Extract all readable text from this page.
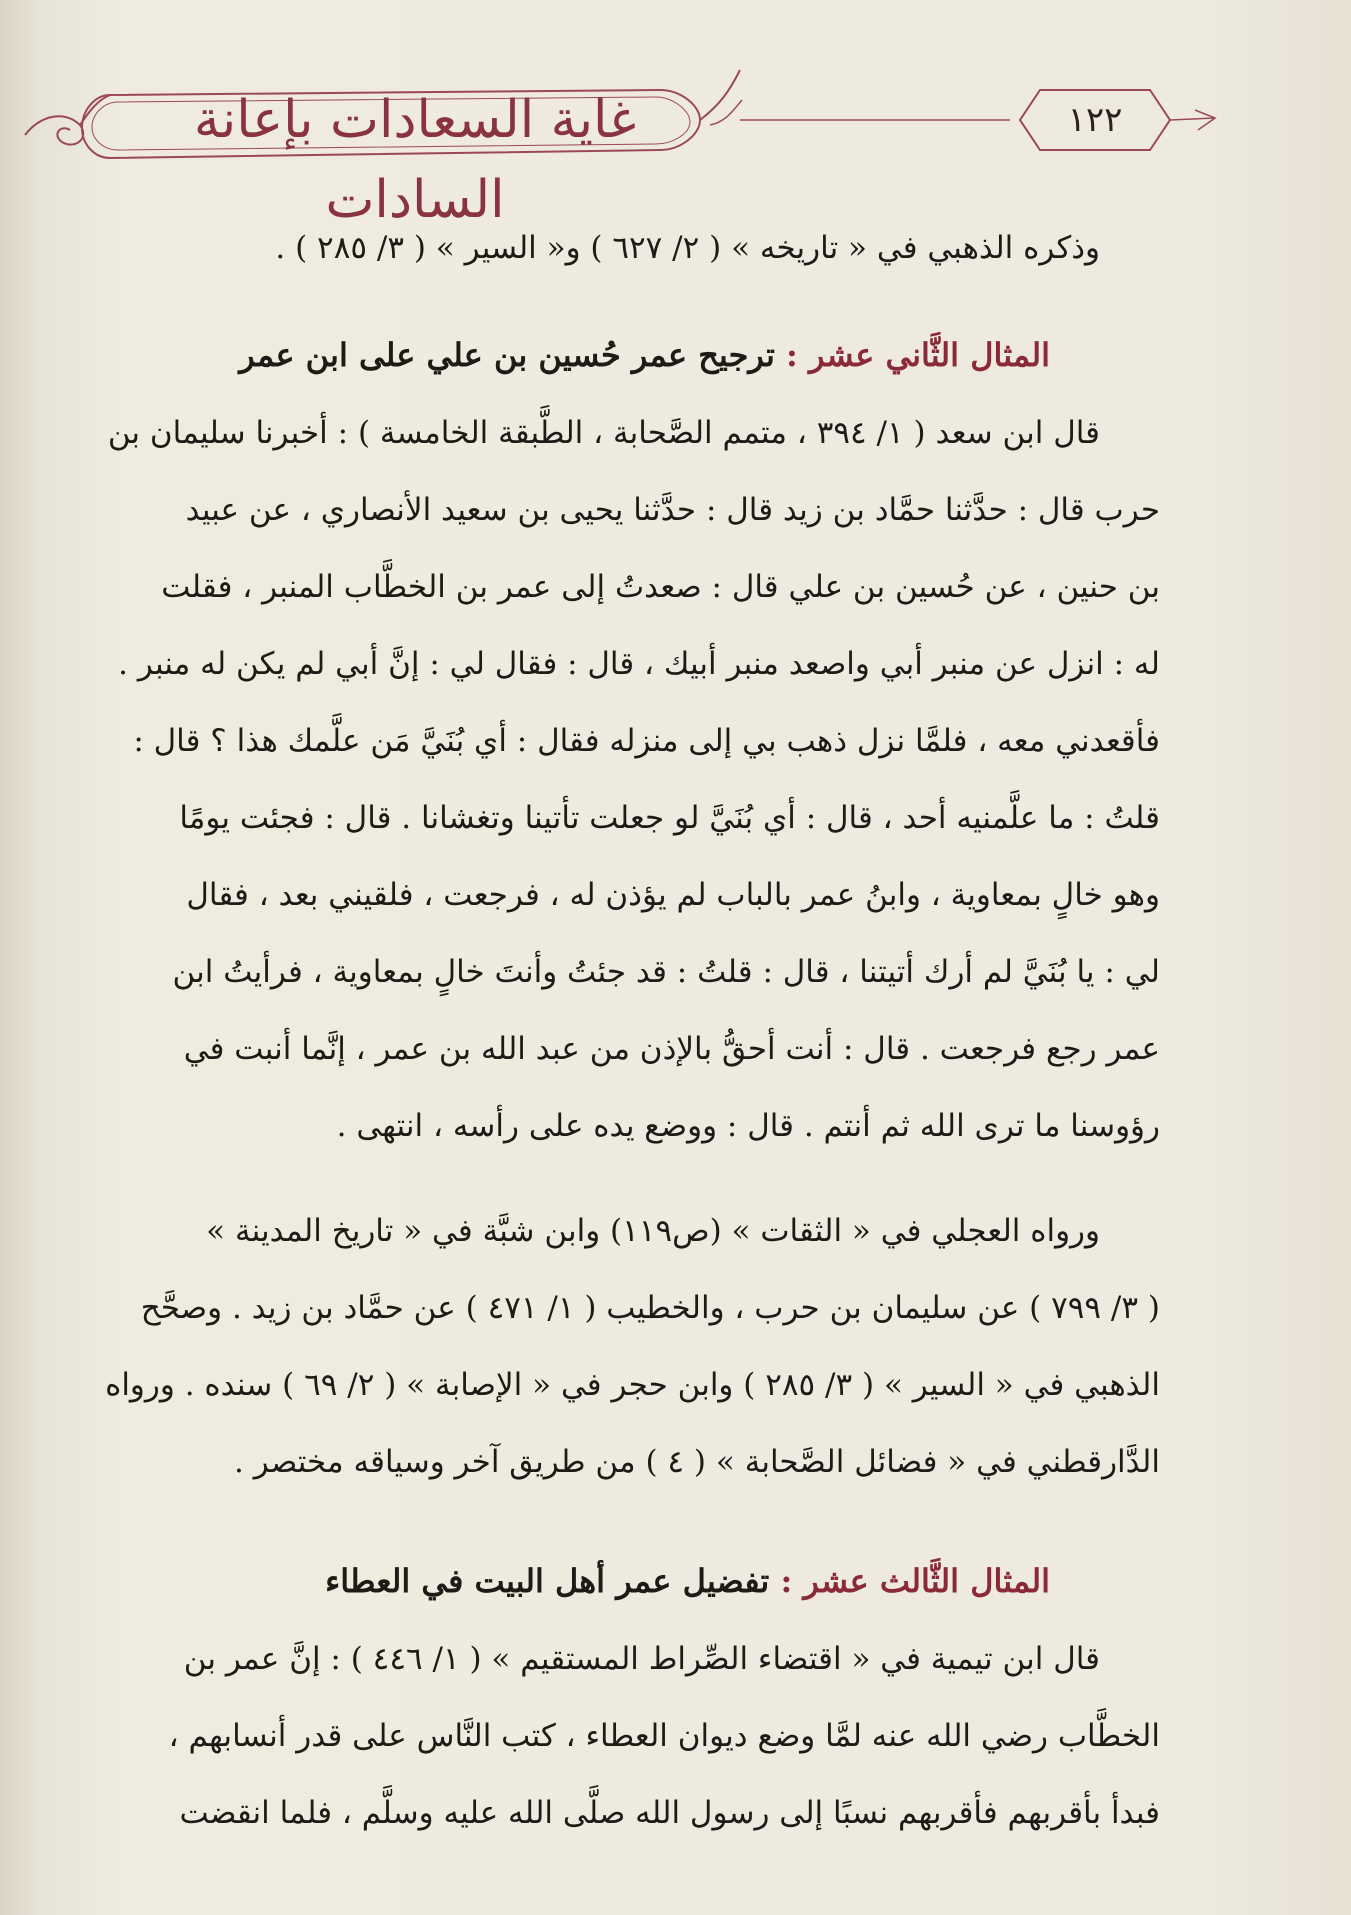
غاية السعادات بإعانة السادات
١٢٢
وذكره الذهبي في « تاريخه » ( ٢/ ٦٢٧ ) و« السير » ( ٣/ ٢٨٥ ) .
المثال الثَّاني عشر : ترجيح عمر حُسين بن علي على ابن عمر
قال ابن سعد ( ١/ ٣٩٤ ، متمم الصَّحابة ، الطَّبقة الخامسة ) : أخبرنا سليمان بن
حرب قال : حدَّثنا حمَّاد بن زيد قال : حدَّثنا يحيى بن سعيد الأنصاري ، عن عبيد
بن حنين ، عن حُسين بن علي قال : صعدتُ إلى عمر بن الخطَّاب المنبر ، فقلت
له : انزل عن منبر أبي واصعد منبر أبيك ، قال : فقال لي : إنَّ أبي لم يكن له منبر .
فأقعدني معه ، فلمَّا نزل ذهب بي إلى منزله فقال : أي بُنَيَّ مَن علَّمك هذا ؟ قال :
قلتُ : ما علَّمنيه أحد ، قال : أي بُنَيَّ لو جعلت تأتينا وتغشانا . قال : فجئت يومًا
وهو خالٍ بمعاوية ، وابنُ عمر بالباب لم يؤذن له ، فرجعت ، فلقيني بعد ، فقال
لي : يا بُنَيَّ لم أرك أتيتنا ، قال : قلتُ : قد جئتُ وأنتَ خالٍ بمعاوية ، فرأيتُ ابن
عمر رجع فرجعت . قال : أنت أحقُّ بالإذن من عبد الله بن عمر ، إنَّما أنبت في
رؤوسنا ما ترى الله ثم أنتم . قال : ووضع يده على رأسه ، انتهى .
ورواه العجلي في « الثقات » (ص١١٩) وابن شبَّة في « تاريخ المدينة »
( ٣/ ٧٩٩ ) عن سليمان بن حرب ، والخطيب ( ١/ ٤٧١ ) عن حمَّاد بن زيد . وصحَّح
الذهبي في « السير » ( ٣/ ٢٨٥ ) وابن حجر في « الإصابة » ( ٢/ ٦٩ ) سنده . ورواه
الدَّارقطني في « فضائل الصَّحابة » ( ٤ ) من طريق آخر وسياقه مختصر .
المثال الثَّالث عشر : تفضيل عمر أهل البيت في العطاء
قال ابن تيمية في « اقتضاء الصِّراط المستقيم » ( ١/ ٤٤٦ ) : إنَّ عمر بن
الخطَّاب رضي الله عنه لمَّا وضع ديوان العطاء ، كتب النَّاس على قدر أنسابهم ،
فبدأ بأقربهم فأقربهم نسبًا إلى رسول الله صلَّى الله عليه وسلَّم ، فلما انقضت
